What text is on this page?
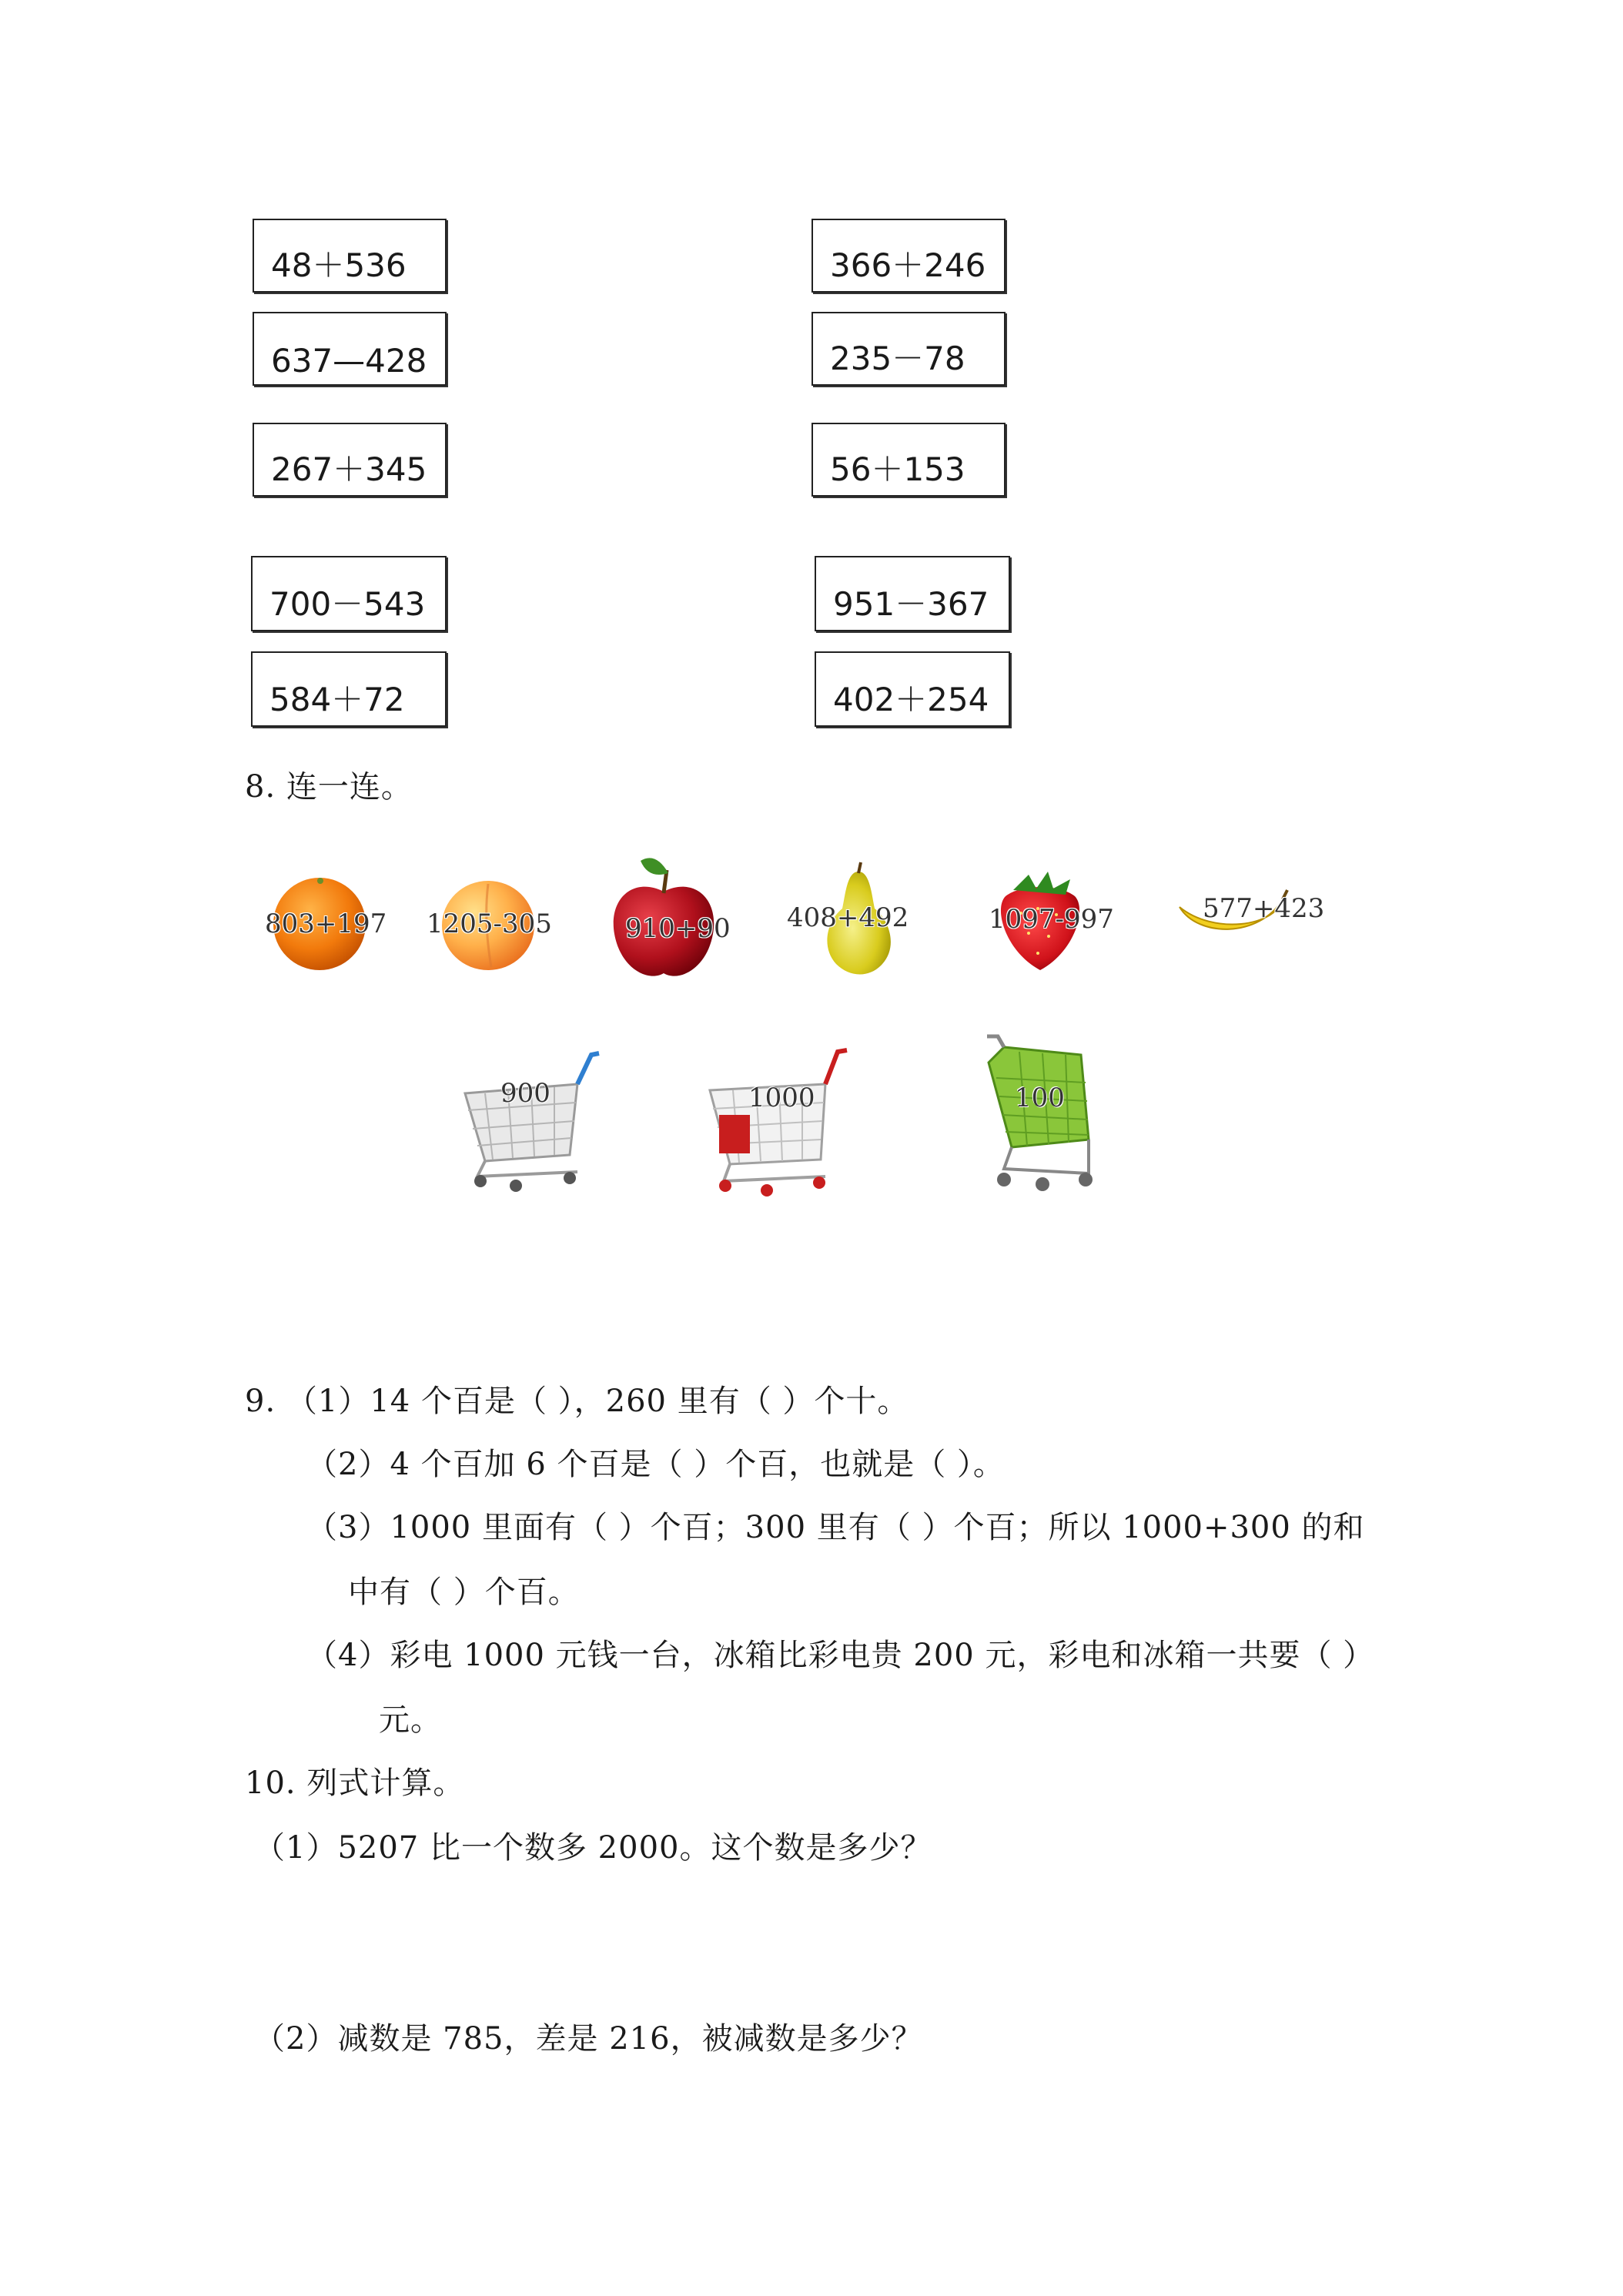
48＋536
637—428
267＋345
700－543
584＋72
366＋246
235－78
56＋153
951－367
402＋254
8. 连一连。
803+197 1205-305	910+90 408+492	1097-997	577+423
900	1000	100
9. （1）14 个百是（ ），260 里有（ ）个十。
（2）4 个百加 6 个百是（ ）个百，也就是（ ）。
（3）1000 里面有（ ）个百；300 里有（ ）个百；所以 1000+300 的和
中有（ ）个百。
（4）彩电 1000 元钱一台，冰箱比彩电贵 200 元，彩电和冰箱一共要（ ）
元。
10. 列式计算。
（1）5207 比一个数多 2000。这个数是多少？
（2）减数是 785，差是 216，被减数是多少？
